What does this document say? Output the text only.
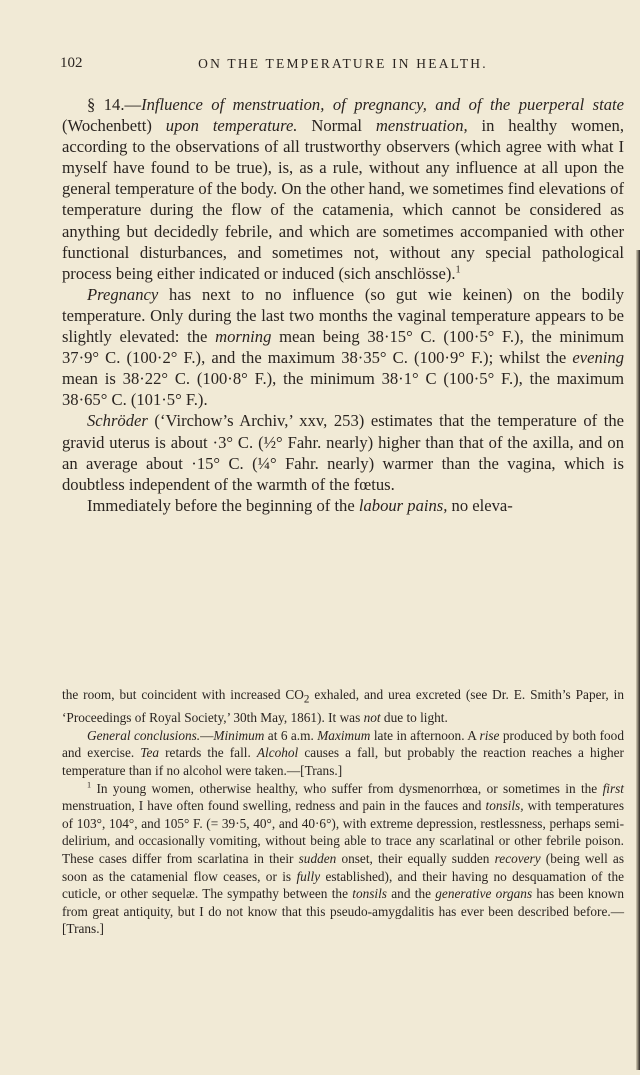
102	ON THE TEMPERATURE IN HEALTH.

§ 14.—Influence of menstruation, of pregnancy, and of the puerperal state (Wochenbett) upon temperature. Normal menstruation, in healthy women, according to the observations of all trustworthy observers (which agree with what I myself have found to be true), is, as a rule, without any influence at all upon the general temperature of the body. On the other hand, we sometimes find elevations of temperature during the flow of the catamenia, which cannot be considered as anything but decidedly febrile, and which are sometimes accompanied with other functional disturbances, and sometimes not, without any special pathological process being either indicated or induced (sich anschlösse).$^1$

Pregnancy has next to no influence (so gut wie keinen) on the bodily temperature. Only during the last two months the vaginal temperature appears to be slightly elevated: the morning mean being 38·15° C. (100·5° F.), the minimum 37·9° C. (100·2° F.), and the maximum 38·35° C. (100·9° F.); whilst the evening mean is 38·22° C. (100·8° F.), the minimum 38·1° C (100·5° F.), the maximum 38·65° C. (101·5° F.).

Schröder (‘Virchow’s Archiv,’ xxv, 253) estimates that the temperature of the gravid uterus is about ·3° C. (½° Fahr. nearly) higher than that of the axilla, and on an average about ·15° C. (¼° Fahr. nearly) warmer than the vagina, which is doubtless independent of the warmth of the fœtus.

Immediately before the beginning of the labour pains, no eleva-

the room, but coincident with increased $CO_2$ exhaled, and urea excreted (see Dr. E. Smith’s Paper, in ‘Proceedings of Royal Society,’ 30th May, 1861). It was not due to light.

General conclusions.—Minimum at 6 a.m. Maximum late in afternoon. A rise produced by both food and exercise. Tea retards the fall. Alcohol causes a fall, but probably the reaction reaches a higher temperature than if no alcohol were taken.—[Trans.]

$^1$ In young women, otherwise healthy, who suffer from dysmenorrhœa, or sometimes in the first menstruation, I have often found swelling, redness and pain in the fauces and tonsils, with temperatures of 103°, 104°, and 105° F. (= 39·5, 40°, and 40·6°), with extreme depression, restlessness, perhaps semi-delirium, and occasionally vomiting, without being able to trace any scarlatinal or other febrile poison. These cases differ from scarlatina in their sudden onset, their equally sudden recovery (being well as soon as the catamenial flow ceases, or is fully established), and their having no desquamation of the cuticle, or other sequelæ. The sympathy between the tonsils and the generative organs has been known from great antiquity, but I do not know that this pseudo-amygdalitis has ever been described before.—[Trans.]
